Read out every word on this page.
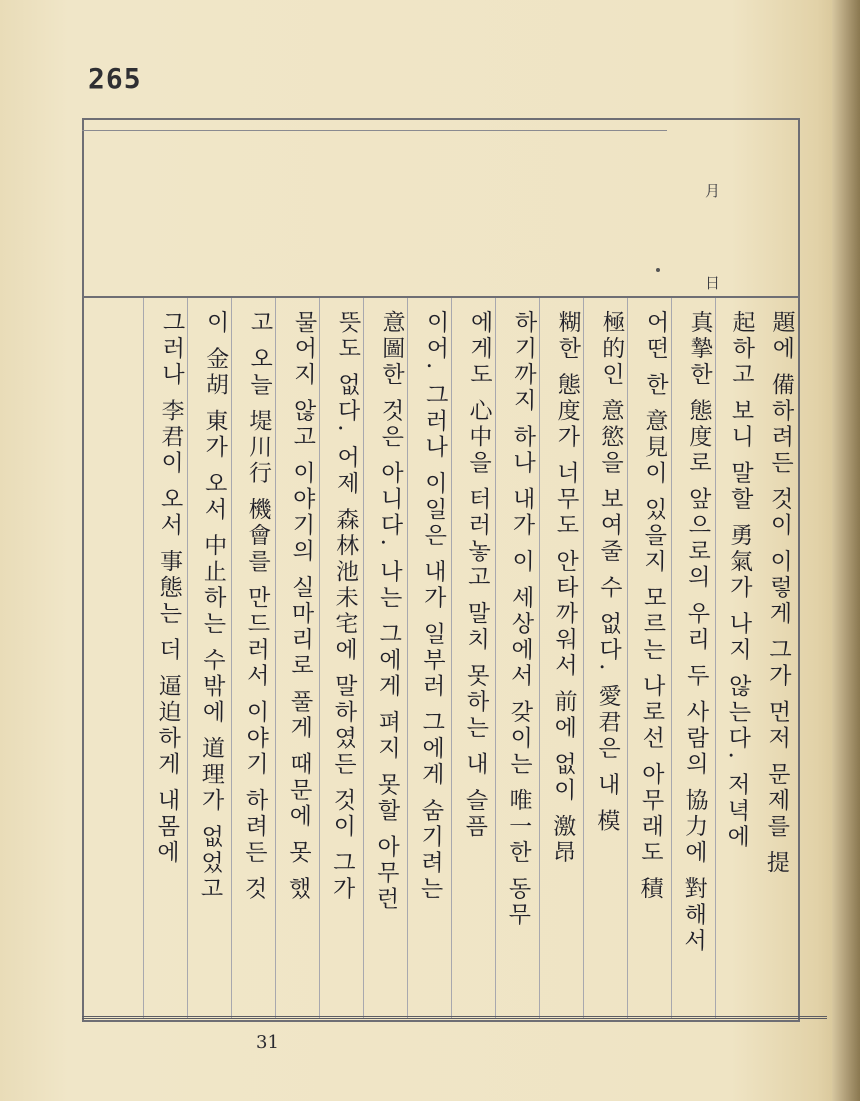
265
月
日
題에 備하려든 것이 이렇게 그가 먼저 문제를 提
起하고 보니 말할 勇氣가 나지 않는다. 저녁에
真摯한 態度로 앞으로의 우리 두 사람의 協力에 對해서
어떤 한 意見이 있을지 모르는 나로선 아무래도 積
極的인 意慾을 보여줄 수 없다. 愛君은 내 模
糊한 態度가 너무도 안타까워서 前에 없이 激昂
하기까지 하나 내가 이 세상에서 갖이는 唯一한 동무
에게도 心中을 터러놓고 말치 못하는 내 슬픔
이어. 그러나 이일은 내가 일부러 그에게 숨기려는
意圖한 것은 아니다. 나는 그에게 펴지 못할 아무런
뜻도 없다. 어제 森林池未宅에 말하였든 것이 그가
물어지 않고 이야기의 실마리로 풀게 때문에 못 했
고 오늘 堤川行 機會를 만드러서 이야기 하려든 것
이 金胡 東가 오서 中止하는 수밖에 道理가 없었고
그러나 李君이 오서 事態는 더 逼迫하게 내몸에
31
